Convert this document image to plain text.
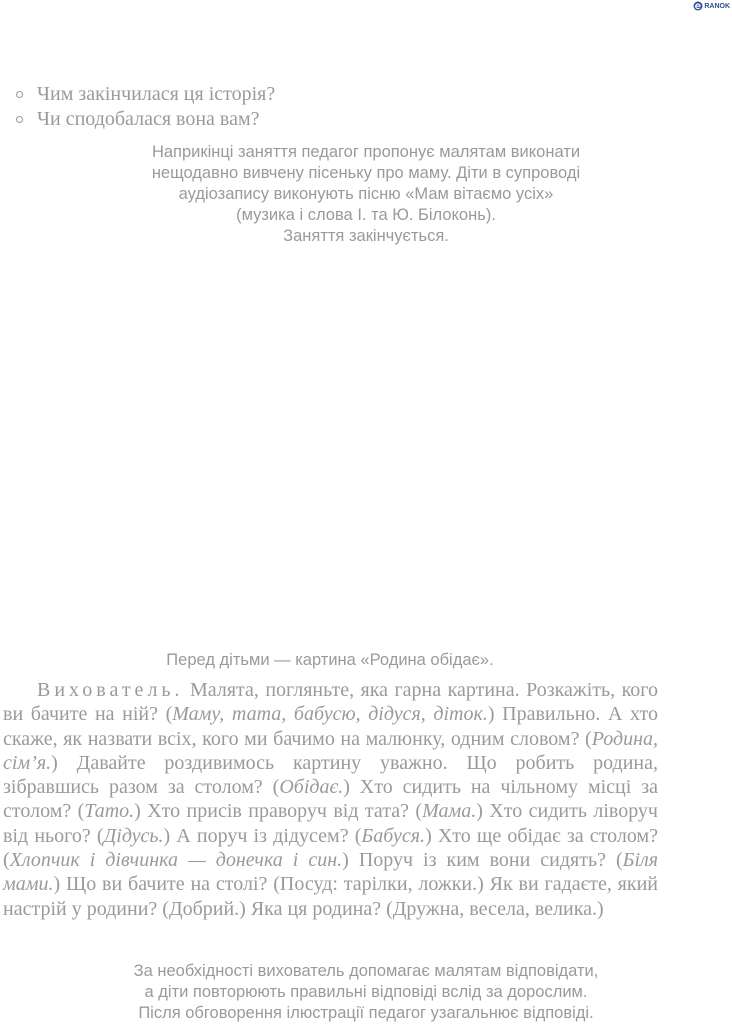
RANOK
Чим закінчилася ця історія?
Чи сподобалася вона вам?
Наприкінці заняття педагог пропонує малятам виконати
нещодавно вивчену пісеньку про маму. Діти в супроводі
аудіозапису виконують пісню «Мам вітаємо усіх»
(музика і слова І. та Ю. Білоконь).
Заняття закінчується.
Перед дітьми — картина «Родина обідає».

Вихователь. Малята, погляньте, яка гарна картина. Розкажіть, кого ви бачите на ній? (Маму, тата, бабусю, дідуся, діток.) Правильно. А хто скаже, як назвати всіх, кого ми бачимо на малюнку, одним словом? (Родина, сім’я.) Давайте роздивимось картину уважно. Що робить родина, зібравшись разом за столом? (Обідає.) Хто сидить на чільному місці за столом? (Тато.) Хто присів праворуч від тата? (Мама.) Хто сидить ліворуч від нього? (Дідусь.) А поруч із дідусем? (Бабуся.) Хто ще обідає за столом? (Хлопчик і дівчинка — донечка і син.) Поруч із ким вони сидять? (Біля мами.) Що ви бачите на столі? (Посуд: тарілки, ложки.) Як ви гадаєте, який настрій у родини? (Добрий.) Яка ця родина? (Дружна, весела, велика.)

За необхідності вихователь допомагає малятам відповідати,
а діти повторюють правильні відповіді вслід за дорослим.
Після обговорення ілюстрації педагог узагальнює відповіді.
